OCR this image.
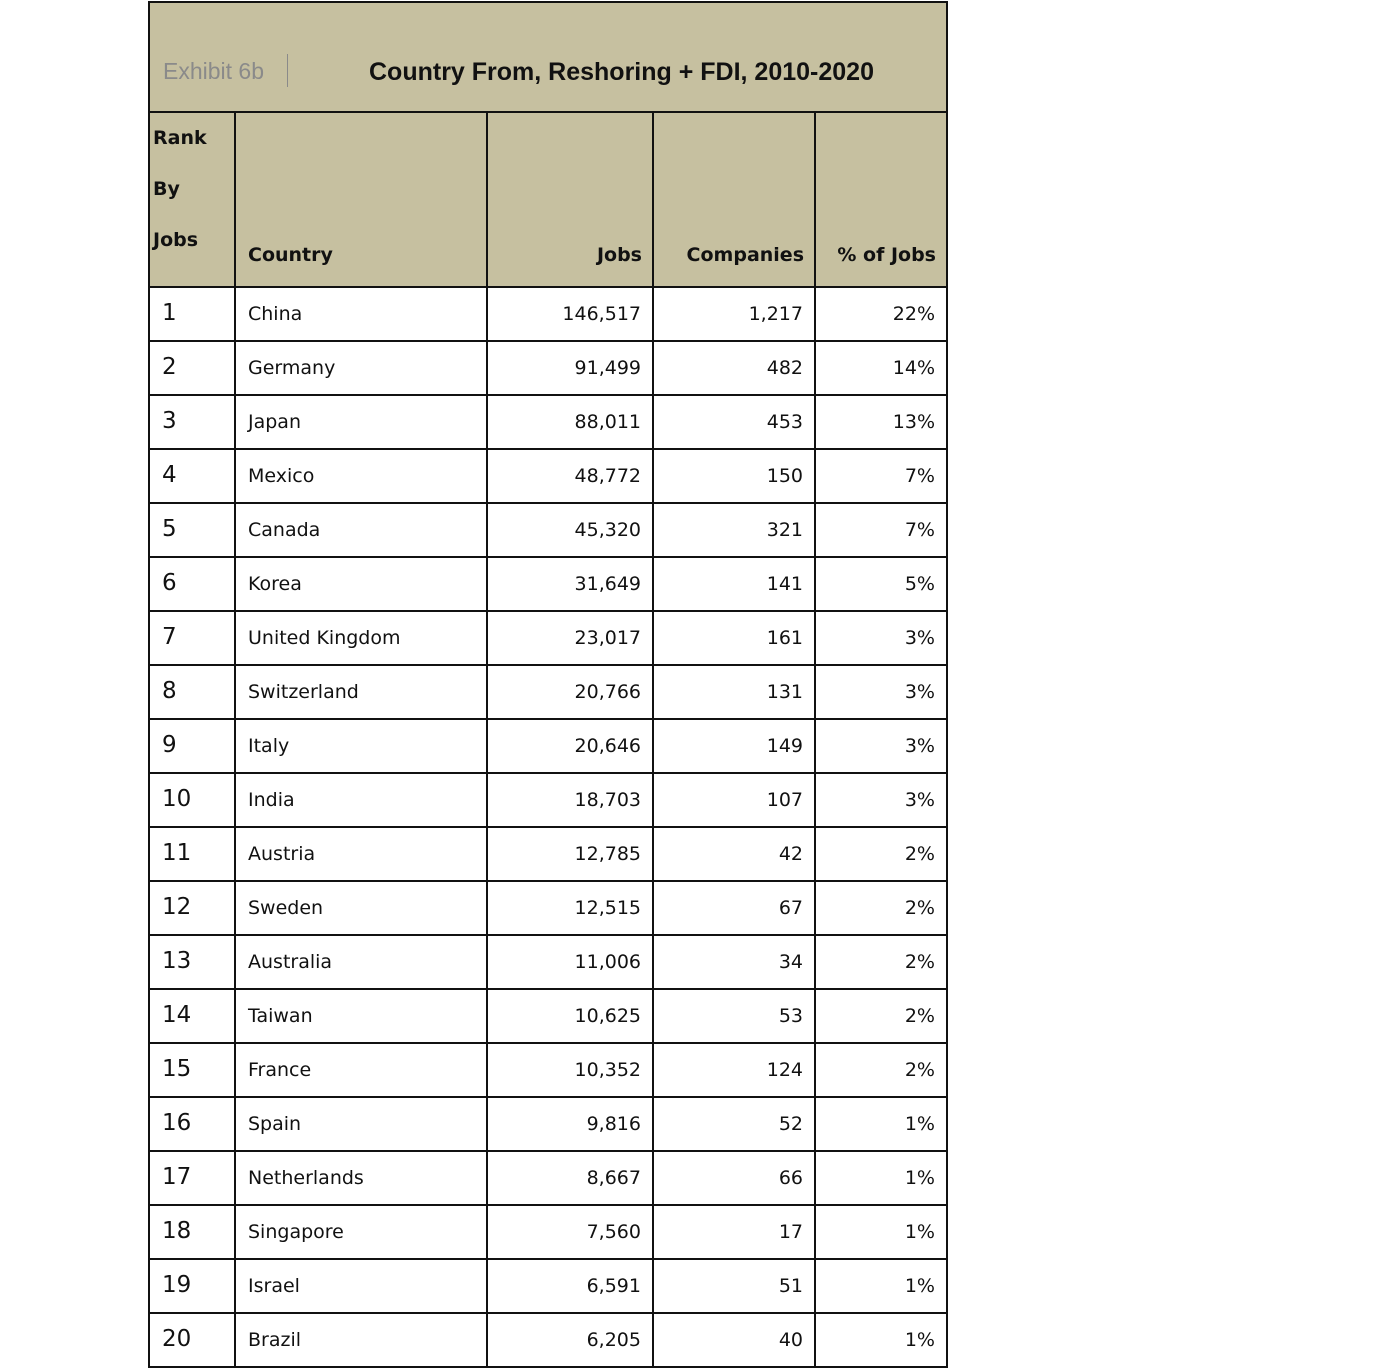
Exhibit 6b	Country From, Reshoring + FDI, 2010-2020
Rank
By
Jobs	Country	Jobs	Companies	% of Jobs
1	China	146,517	1,217	22%
2	Germany	91,499	482	14%
3	Japan	88,011	453	13%
4	Mexico	48,772	150	7%
5	Canada	45,320	321	7%
6	Korea	31,649	141	5%
7	United Kingdom	23,017	161	3%
8	Switzerland	20,766	131	3%
9	Italy	20,646	149	3%
10	India	18,703	107	3%
11	Austria	12,785	42	2%
12	Sweden	12,515	67	2%
13	Australia	11,006	34	2%
14	Taiwan	10,625	53	2%
15	France	10,352	124	2%
16	Spain	9,816	52	1%
17	Netherlands	8,667	66	1%
18	Singapore	7,560	17	1%
19	Israel	6,591	51	1%
20	Brazil	6,205	40	1%
